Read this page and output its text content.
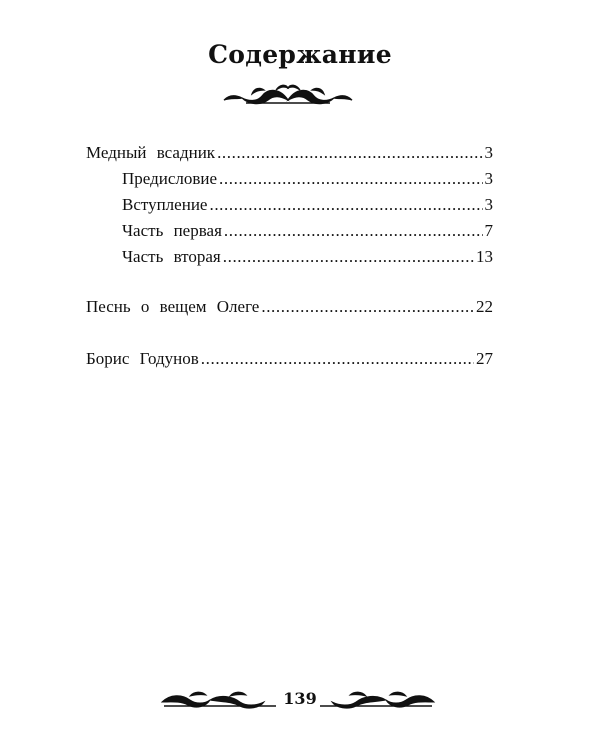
Содержание
Медный всадник .....	3
Предисловие .....	3
Вступление .....	3
Часть первая .....	7
Часть вторая .....	13
Песнь о вещем Олеге .....	22
Борис Годунов .....	27
139
